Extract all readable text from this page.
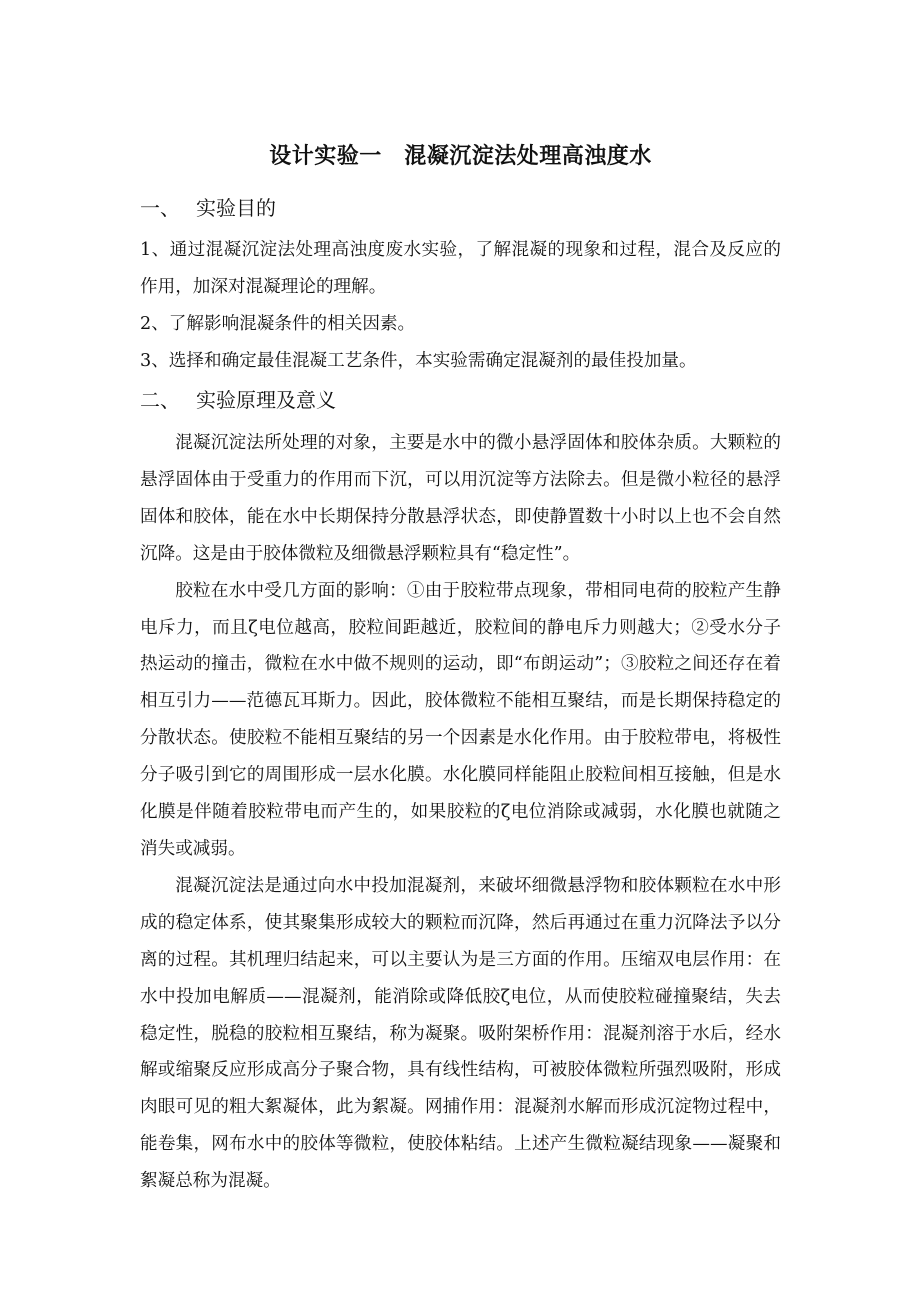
设计实验一　混凝沉淀法处理高浊度水
一、 实验目的

1、通过混凝沉淀法处理高浊度废水实验，了解混凝的现象和过程，混合及反应的作用，加深对混凝理论的理解。

2、了解影响混凝条件的相关因素。

3、选择和确定最佳混凝工艺条件，本实验需确定混凝剂的最佳投加量。

二、 实验原理及意义

混凝沉淀法所处理的对象，主要是水中的微小悬浮固体和胶体杂质。大颗粒的悬浮固体由于受重力的作用而下沉，可以用沉淀等方法除去。但是微小粒径的悬浮固体和胶体，能在水中长期保持分散悬浮状态，即使静置数十小时以上也不会自然沉降。这是由于胶体微粒及细微悬浮颗粒具有“稳定性”。

胶粒在水中受几方面的影响：①由于胶粒带点现象，带相同电荷的胶粒产生静电斥力，而且ζ电位越高，胶粒间距越近，胶粒间的静电斥力则越大；②受水分子热运动的撞击，微粒在水中做不规则的运动，即“布朗运动”；③胶粒之间还存在着相互引力——范德瓦耳斯力。因此，胶体微粒不能相互聚结，而是长期保持稳定的分散状态。使胶粒不能相互聚结的另一个因素是水化作用。由于胶粒带电，将极性分子吸引到它的周围形成一层水化膜。水化膜同样能阻止胶粒间相互接触，但是水化膜是伴随着胶粒带电而产生的，如果胶粒的ζ电位消除或减弱，水化膜也就随之消失或减弱。

混凝沉淀法是通过向水中投加混凝剂，来破坏细微悬浮物和胶体颗粒在水中形成的稳定体系，使其聚集形成较大的颗粒而沉降，然后再通过在重力沉降法予以分离的过程。其机理归结起来，可以主要认为是三方面的作用。压缩双电层作用：在水中投加电解质——混凝剂，能消除或降低胶ζ电位，从而使胶粒碰撞聚结，失去稳定性，脱稳的胶粒相互聚结，称为凝聚。吸附架桥作用：混凝剂溶于水后，经水解或缩聚反应形成高分子聚合物，具有线性结构，可被胶体微粒所强烈吸附，形成肉眼可见的粗大絮凝体，此为絮凝。网捕作用：混凝剂水解而形成沉淀物过程中，能卷集，网布水中的胶体等微粒，使胶体粘结。上述产生微粒凝结现象——凝聚和絮凝总称为混凝。
